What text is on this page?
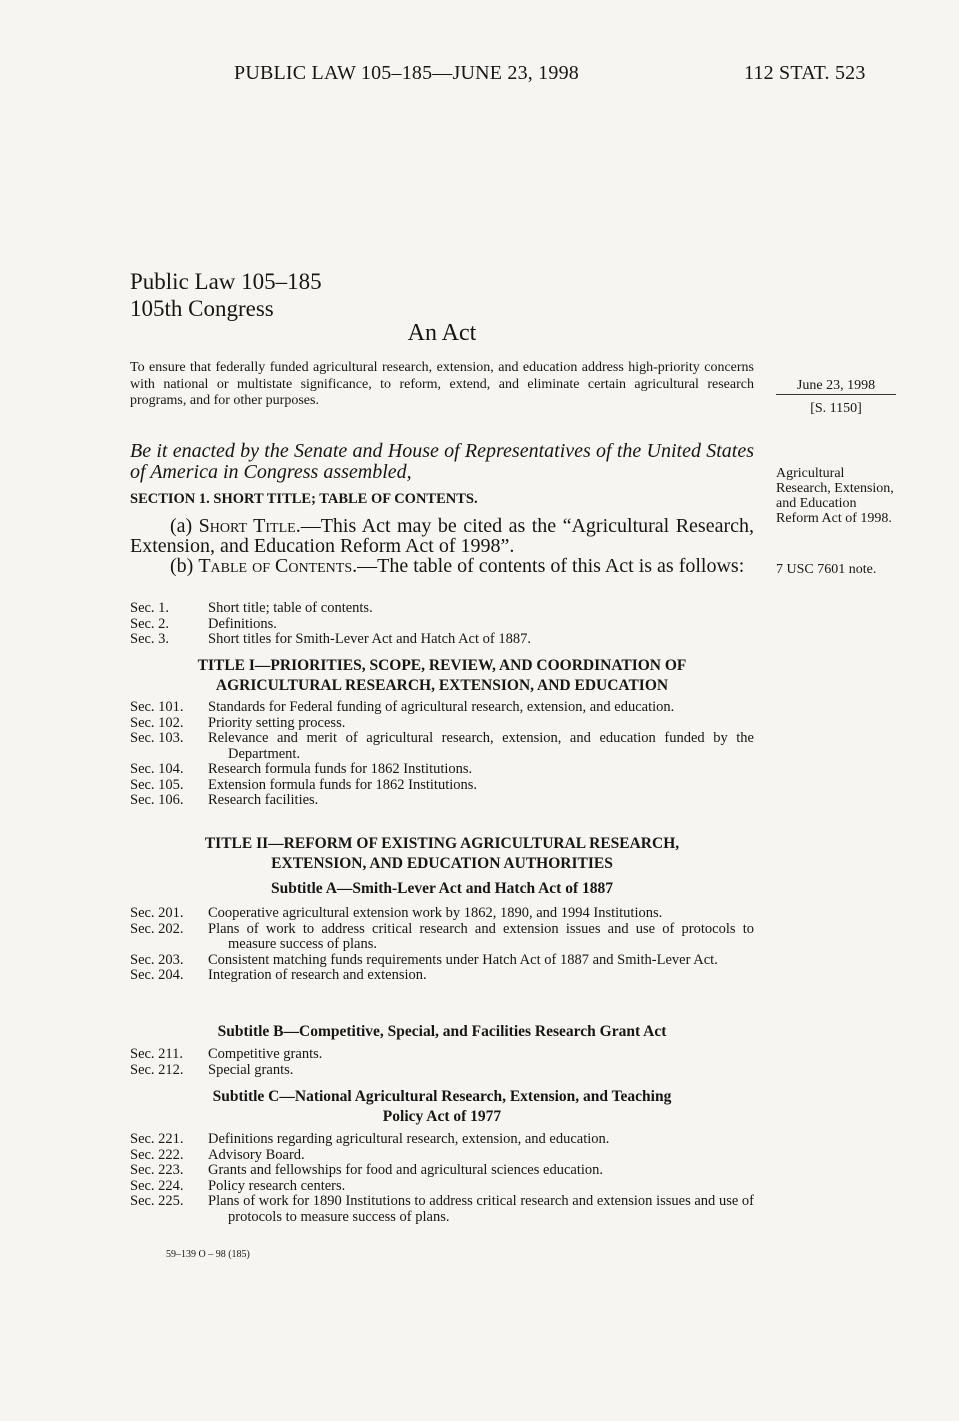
PUBLIC LAW 105–185—JUNE 23, 1998	112 STAT. 523
Public Law 105–185
105th Congress
An Act
To ensure that federally funded agricultural research, extension, and education address high-priority concerns with national or multistate significance, to reform, extend, and eliminate certain agricultural research programs, and for other purposes.
June 23, 1998
[S. 1150]
Agricultural Research, Extension, and Education Reform Act of 1998.
7 USC 7601 note.
Be it enacted by the Senate and House of Representatives of the United States of America in Congress assembled,
SECTION 1. SHORT TITLE; TABLE OF CONTENTS.
(a) Short Title.—This Act may be cited as the “Agricultural Research, Extension, and Education Reform Act of 1998”.
(b) Table of Contents.—The table of contents of this Act is as follows:
Sec. 1.	Short title; table of contents.
Sec. 2.	Definitions.
Sec. 3.	Short titles for Smith-Lever Act and Hatch Act of 1887.
TITLE I—PRIORITIES, SCOPE, REVIEW, AND COORDINATION OF
AGRICULTURAL RESEARCH, EXTENSION, AND EDUCATION
Sec. 101.	Standards for Federal funding of agricultural research, extension, and education.
Sec. 102.	Priority setting process.
Sec. 103.	Relevance and merit of agricultural research, extension, and education funded by the Department.
Sec. 104.	Research formula funds for 1862 Institutions.
Sec. 105.	Extension formula funds for 1862 Institutions.
Sec. 106.	Research facilities.
TITLE II—REFORM OF EXISTING AGRICULTURAL RESEARCH,
EXTENSION, AND EDUCATION AUTHORITIES
Subtitle A—Smith-Lever Act and Hatch Act of 1887
Sec. 201.	Cooperative agricultural extension work by 1862, 1890, and 1994 Institutions.
Sec. 202.	Plans of work to address critical research and extension issues and use of protocols to measure success of plans.
Sec. 203.	Consistent matching funds requirements under Hatch Act of 1887 and Smith-Lever Act.
Sec. 204.	Integration of research and extension.
Subtitle B—Competitive, Special, and Facilities Research Grant Act
Sec. 211.	Competitive grants.
Sec. 212.	Special grants.
Subtitle C—National Agricultural Research, Extension, and Teaching
Policy Act of 1977
Sec. 221.	Definitions regarding agricultural research, extension, and education.
Sec. 222.	Advisory Board.
Sec. 223.	Grants and fellowships for food and agricultural sciences education.
Sec. 224.	Policy research centers.
Sec. 225.	Plans of work for 1890 Institutions to address critical research and extension issues and use of protocols to measure success of plans.
59–139 O – 98 (185)
